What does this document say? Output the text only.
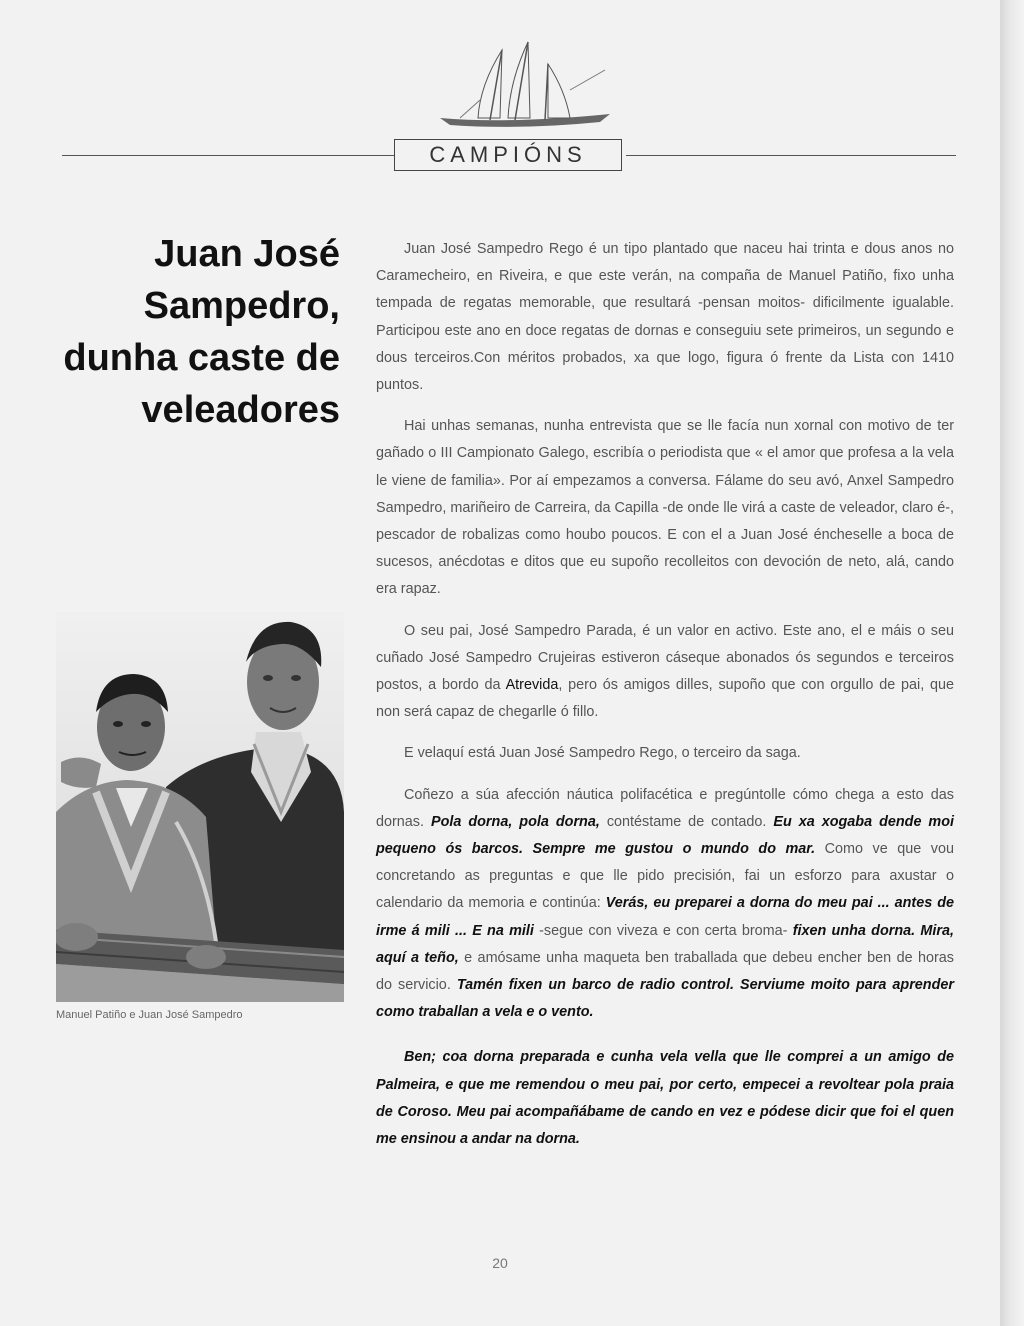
CAMPIÓNS
Juan José Sampedro, dunha caste de veleadores
Manuel Patiño e Juan José Sampedro

Juan José Sampedro Rego é un tipo plantado que naceu hai trinta e dous anos no Caramecheiro, en Riveira, e que este verán, na compaña de Manuel Patiño, fixo unha tempada de regatas memorable, que resultará -pensan moitos- dificilmente igualable. Participou este ano en doce regatas de dornas e conseguiu sete primeiros, un segundo e dous terceiros.Con méritos probados, xa que logo, figura ó frente da Lista con 1410 puntos.

Hai unhas semanas, nunha entrevista que se lle facía nun xornal con motivo de ter gañado o III Campionato Galego, escribía o periodista que « el amor que profesa a la vela le viene de familia». Por aí empezamos a conversa. Fálame do seu avó, Anxel Sampedro Sampedro, mariñeiro de Carreira, da Capilla -de onde lle virá a caste de veleador, claro é-, pescador de robalizas como houbo poucos. E con el a Juan José éncheselle a boca de sucesos, anécdotas e ditos que eu supoño recolleitos con devoción de neto, alá, cando era rapaz.

O seu pai, José Sampedro Parada, é un valor en activo. Este ano, el e máis o seu cuñado José Sampedro Crujeiras estiveron cáseque abonados ós segundos e terceiros postos, a bordo da Atrevida, pero ós amigos dilles, supoño que con orgullo de pai, que non será capaz de chegarlle ó fillo.

E velaquí está Juan José Sampedro Rego, o terceiro da saga.

Coñezo a súa afección náutica polifacética e pregúntolle cómo chega a esto das dornas. Pola dorna, pola dorna, contéstame de contado. Eu xa xogaba dende moi pequeno ós barcos. Sempre me gustou o mundo do mar. Como ve que vou concretando as preguntas e que lle pido precisión, fai un esforzo para axustar o calendario da memoria e continúa: Verás, eu preparei a dorna do meu pai ... antes de irme á mili ... E na mili -segue con viveza e con certa broma- fixen unha dorna. Mira, aquí a teño, e amósame unha maqueta ben traballada que debeu encher ben de horas do servicio. Tamén fixen un barco de radio control. Serviume moito para aprender como traballan a vela e o vento.

Ben; coa dorna preparada e cunha vela vella que lle comprei a un amigo de Palmeira, e que me remendou o meu pai, por certo, empecei a revoltear pola praia de Coroso. Meu pai acompañábame de cando en vez e pódese dicir que foi el quen me ensinou a andar na dorna.

20
